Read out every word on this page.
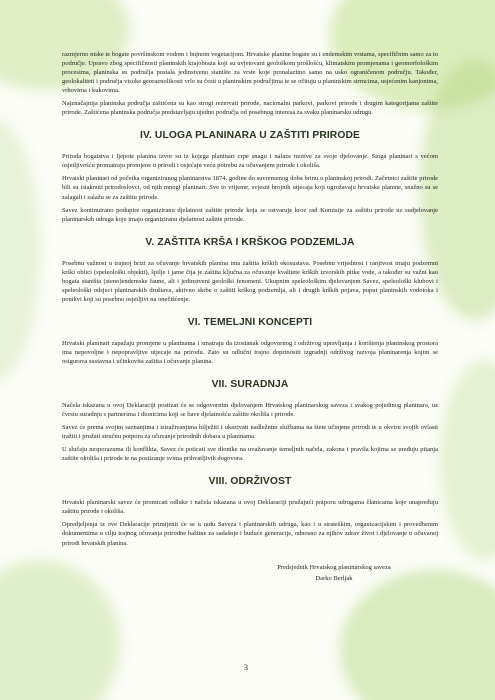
razmjerno niske te bogate površinskom vodom i bujnom vegetacijom. Hrvatske planine bogate su i endemskim vrstama, specifičnim samo za to područje. Upravo zbog specifičnosti planinskih krajobraza koji su uvjetovani geološkom prošlošću, klimatskim promjenama i geomorfološkim procesima, planinska su područja postala jedinstveno stanište za vrste koje pronalazimo samo na usko ograničenom području. Također, geolokaliteti i područja visoke georaznolikosti vrlo su česti u planinskim područjima te se očituju u planinskim strmcima, usjećenim kanjonima, vrhovima i kukovima.

Najznačajnija planinska područja zaštićena su kao strogi rezervati prirode, nacionalni parkovi, parkovi prirode i drugim kategorijama zaštite prirode. Zaštićena planinska područja predstavljaju ujedno područja od posebnog interesa za svaku planinarsku udrugu.

IV. ULOGA PLANINARA U ZAŠTITI PRIRODE

Priroda bogatstva i ljepote planina izvor su iz kojega planinari crpe snagu i nalaze motive za svoje djelovanje. Stoga planinari s većom osjetljivošću promatraju promjene u prirodi i osjećaju veću potrebu za očuvanjem prirode i okoliša.

Hrvatski planinari od početka organiziranog planinarstva 1874. godine do suvremenog doba brinu o planinskoj prirodi. Začetnici zaštite prirode bili su istaknuti prirodoslovci, od njih mnogi planinari. Sve to vrijeme, svjesni brojnih utjecaja koji ugrožavaju hrvatske planine, snažno su se zalagali i zalažu se za zaštitu prirode.

Savez kontinuirano podupire organiziranu djelatnost zaštite prirode koja se ostvaruje kroz rad Komisije za zaštitu prirode uz sudjelovanje planinarskih udruga koje imaju organiziranu djelatnost zaštite prirode.

V. ZAŠTITA KRŠA I KRŠKOG PODZEMLJA

Posebnu važnost u trajnoj brizi za očuvanje hrvatskih planina ima zaštita krških ekosustava. Posebnu vrijednost i ranjivost imaju podzemni krški oblici (speleološki objekti), špilje i jame čija je zaštita ključna za očuvanje kvalitete krških izvorskih pitke vode, a također su važni kao bogata staništa (steno)endemske faune, ali i jedinstveni geološki fenomeni. Ukupnim speleološkim djelovanjem Savez, speleološki klubovi i speleološki odsjeci planinarskih društava, aktivno skrbe o zaštiti krškog podzemlja, ali i drugih krških pojava, poput planinskih vodotoka i ponikvi koji su posebno osjetljivi na onečišćenje.

VI. TEMELJNI KONCEPTI

Hrvatski planinari zapažaju promjene u planinama i smatraju da izostanak odgovornog i održivog upravljanja i korištenja planinskog prostora ima nepovoljne i nepopravljive utjecaje na prirodu. Zato su odlučni trajno doprinositi izgradnji održivog razvoja planinarenja kojim se osigurava sustavna i učinkovita zaštita i očuvanje planina.

VII. SURADNJA

Načela iskazana u ovoj Deklaraciji postizat će se odgovornim djelovanjem Hrvatskog planinarskog saveza i svakog pojedinog planinara, uz čvrstu suradnju s partnerima i dionicima koji se bave djelatnošću zaštite okoliša i prirode.

Savez će prema svojim saznanjima i istraživanjima bilježiti i ukazivati nadležnim službama na štete učinjene prirodi te u okviru svojih ovlasti tražiti i pružati stručnu potporu za očuvanje prirodnih dobara u planinama.

U slučaju nesporazuma ili konflikta, Savez će poticati sve dionike na uvažavanje temeljnih načela, zakona i pravila kojima se uređuju pitanja zaštite okoliša i prirode te na postizanje svima prihvatljivih dogovora.

VIII. ODRŽIVOST

Hrvatski planinarski savez će promicati odluke i načela iskazana u ovoj Deklaraciji pružajući potporu udrugama članicama koje unapređuju zaštitu prirode i okoliša.

Opredjeljenja iz ove Deklaracije primijenit će se u radu Saveza i planinarskih udruga, kao i u strateškim, organizacijskim i provedbenim dokumentima u cilju trajnog očuvanja prirodne baštine za sadašnje i buduće generacije, odnosno za njihov zdrav život i djelovanje u očuvanoj prirodi hrvatskih planina.

Predsjednik Hrvatskog planinarskog saveza
Darko Berljak
3
